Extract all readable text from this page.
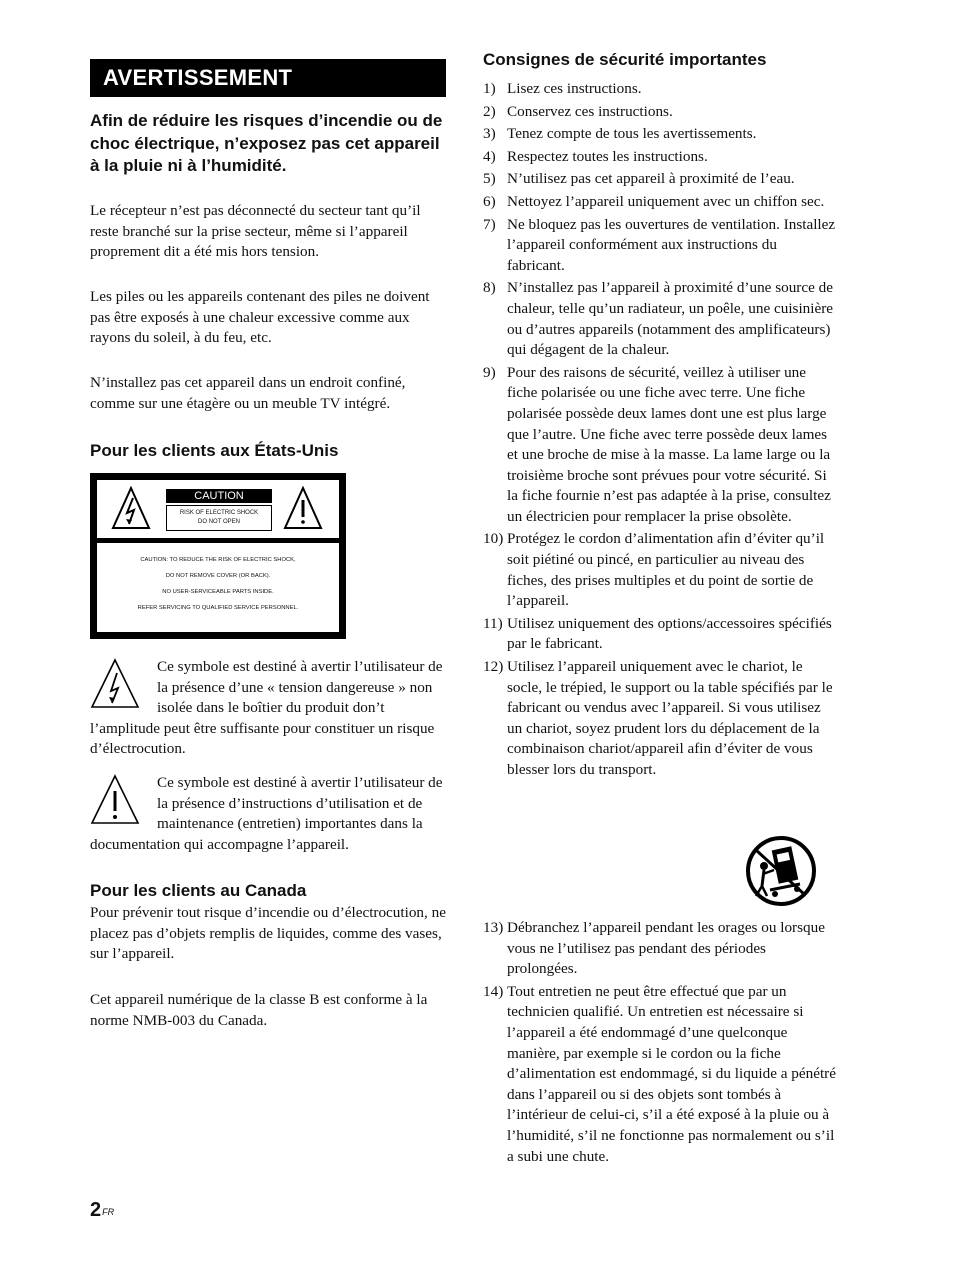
AVERTISSEMENT
Afin de réduire les risques d’incendie ou de choc électrique, n’exposez pas cet appareil à la pluie ni à l’humidité.

Le récepteur n’est pas déconnecté du secteur tant qu’il reste branché sur la prise secteur, même si l’appareil proprement dit a été mis hors tension.

Les piles ou les appareils contenant des piles ne doivent pas être exposés à une chaleur excessive comme aux rayons du soleil, à du feu, etc.

N’installez pas cet appareil dans un endroit confiné, comme sur une étagère ou un meuble TV intégré.

Pour les clients aux États-Unis
CAUTION
RISK OF ELECTRIC SHOCK
DO NOT OPEN
CAUTION: TO REDUCE THE RISK OF ELECTRIC SHOCK,
DO NOT REMOVE COVER (OR BACK).
NO USER-SERVICEABLE PARTS INSIDE.
REFER SERVICING TO QUALIFIED SERVICE PERSONNEL.
Ce symbole est destiné à avertir l’utilisateur de la présence d’une « tension dangereuse » non isolée dans le boîtier du produit don’t l’amplitude peut être suffisante pour constituer un risque d’électrocution.
Ce symbole est destiné à avertir l’utilisateur de la présence d’instructions d’utilisation et de maintenance (entretien) importantes dans la documentation qui accompagne l’appareil.
Pour les clients au Canada

Pour prévenir tout risque d’incendie ou d’électrocution, ne placez pas d’objets remplis de liquides, comme des vases, sur l’appareil.

Cet appareil numérique de la classe B est conforme à la norme NMB-003 du Canada.

Consignes de sécurité importantes
1) Lisez ces instructions.
2) Conservez ces instructions.
3) Tenez compte de tous les avertissements.
4) Respectez toutes les instructions.
5) N’utilisez pas cet appareil à proximité de l’eau.
6) Nettoyez l’appareil uniquement avec un chiffon sec.
7) Ne bloquez pas les ouvertures de ventilation. Installez l’appareil conformément aux instructions du fabricant.
8) N’installez pas l’appareil à proximité d’une source de chaleur, telle qu’un radiateur, un poêle, une cuisinière ou d’autres appareils (notamment des amplificateurs) qui dégagent de la chaleur.
9) Pour des raisons de sécurité, veillez à utiliser une fiche polarisée ou une fiche avec terre. Une fiche polarisée possède deux lames dont une est plus large que l’autre. Une fiche avec terre possède deux lames et une broche de mise à la masse. La lame large ou la troisième broche sont prévues pour votre sécurité. Si la fiche fournie n’est pas adaptée à la prise, consultez un électricien pour remplacer la prise obsolète.
10) Protégez le cordon d’alimentation afin d’éviter qu’il soit piétiné ou pincé, en particulier au niveau des fiches, des prises multiples et du point de sortie de l’appareil.
11) Utilisez uniquement des options/accessoires spécifiés par le fabricant.
12) Utilisez l’appareil uniquement avec le chariot, le socle, le trépied, le support ou la table spécifiés par le fabricant ou vendus avec l’appareil. Si vous utilisez un chariot, soyez prudent lors du déplacement de la combinaison chariot/appareil afin d’éviter de vous blesser lors du transport.
13) Débranchez l’appareil pendant les orages ou lorsque vous ne l’utilisez pas pendant des périodes prolongées.
14) Tout entretien ne peut être effectué que par un technicien qualifié. Un entretien est nécessaire si l’appareil a été endommagé d’une quelconque manière, par exemple si le cordon ou la fiche d’alimentation est endommagé, si du liquide a pénétré dans l’appareil ou si des objets sont tombés à l’intérieur de celui-ci, s’il a été exposé à la pluie ou à l’humidité, s’il ne fonctionne pas normalement ou s’il a subi une chute.
$2^{FR}$
